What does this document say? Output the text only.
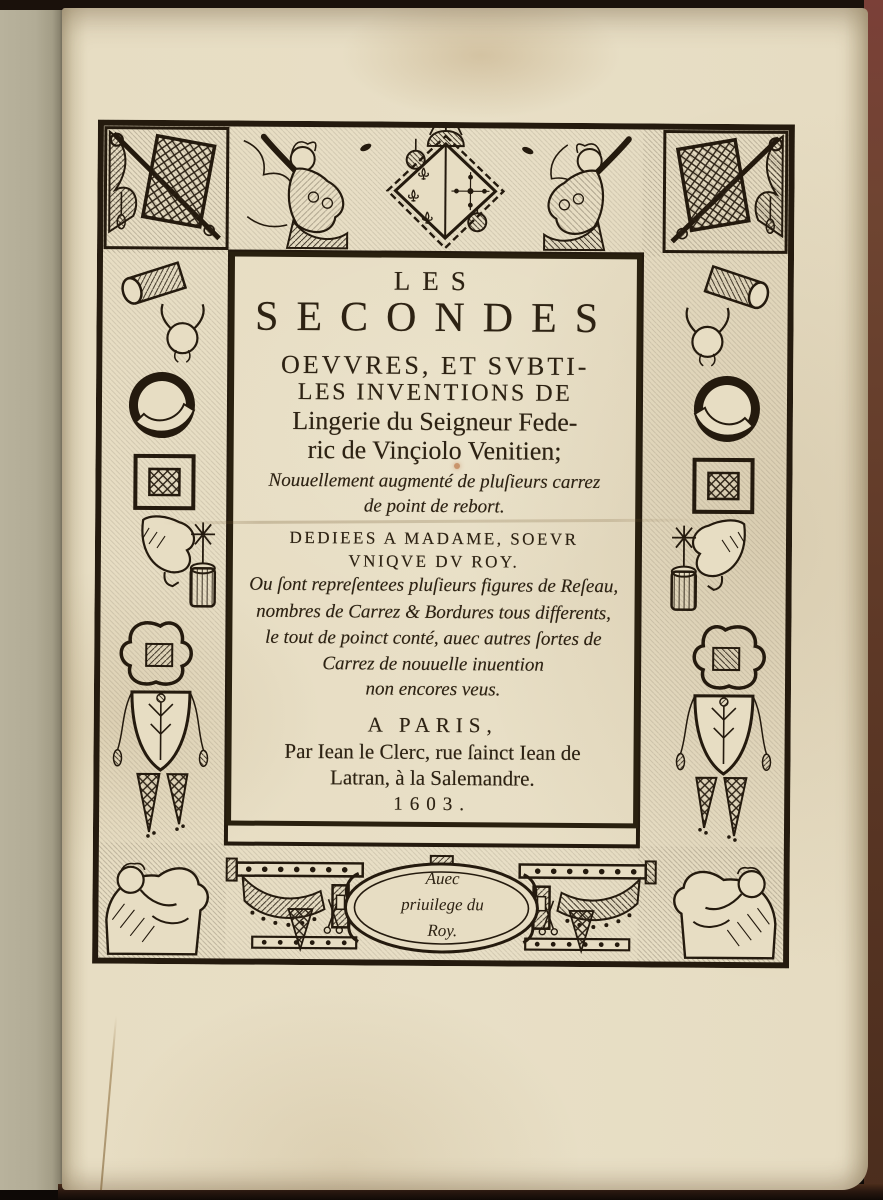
LES
SECONDES
OEVVRES, ET SVBTI-
LES INVENTIONS DE
Lingerie du Seigneur Fede-
ric de Vinçiolo Venitien;
Nouuellement augmenté de pluſieurs carrez
de point de rebort.
DEDIEES A MADAME, SOEVR
VNIQVE DV ROY.
Ou ſont repreſentees pluſieurs figures de Reſeau,
nombres de Carrez & Bordures tous differents,
le tout de poinct conté, auec autres ſortes de
Carrez de nouuelle inuention
non encores veus.
A PARIS,
Par Iean le Clerc, rue ſainct Iean de
Latran, à la Salemandre.
1603.
Auec
priuilege du
Roy.
